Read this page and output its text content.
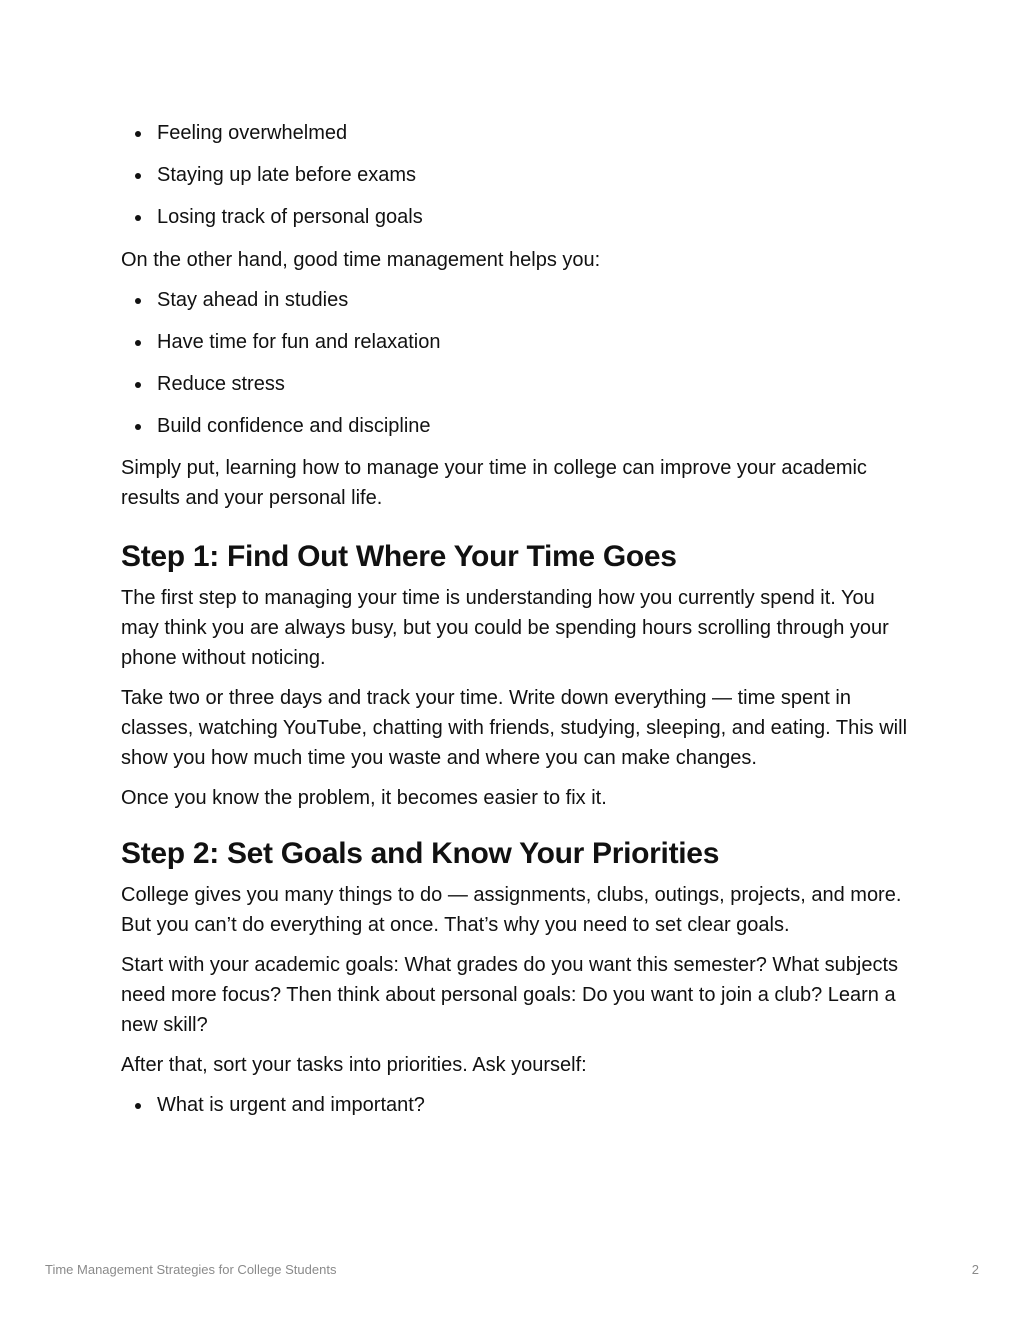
Feeling overwhelmed
Staying up late before exams
Losing track of personal goals

On the other hand, good time management helps you:

Stay ahead in studies
Have time for fun and relaxation
Reduce stress
Build confidence and discipline

Simply put, learning how to manage your time in college can improve your academic results and your personal life.

Step 1: Find Out Where Your Time Goes

The first step to managing your time is understanding how you currently spend it. You may think you are always busy, but you could be spending hours scrolling through your phone without noticing.

Take two or three days and track your time. Write down everything — time spent in classes, watching YouTube, chatting with friends, studying, sleeping, and eating. This will show you how much time you waste and where you can make changes.

Once you know the problem, it becomes easier to fix it.

Step 2: Set Goals and Know Your Priorities

College gives you many things to do — assignments, clubs, outings, projects, and more. But you can’t do everything at once. That’s why you need to set clear goals.

Start with your academic goals: What grades do you want this semester? What subjects need more focus? Then think about personal goals: Do you want to join a club? Learn a new skill?

After that, sort your tasks into priorities. Ask yourself:

What is urgent and important?
Time Management Strategies for College Students	2
